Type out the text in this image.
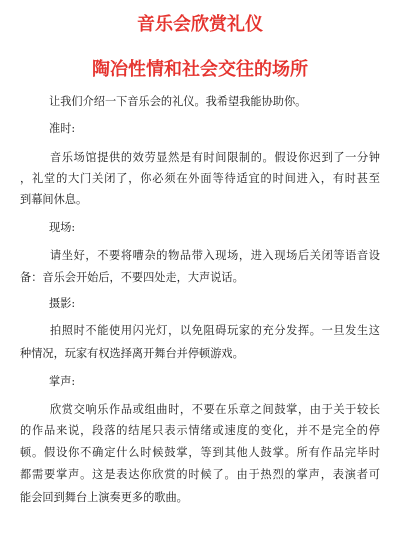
音乐会欣赏礼仪
陶冶性情和社会交往的场所
让我们介绍一下音乐会的礼仪。我希望我能协助你。
准时:
音乐场馆提供的效劳显然是有时间限制的。假设你迟到了一分钟
，礼堂的大门关闭了，你必须在外面等待适宜的时间进入，有时甚至
到幕间休息。
现场:
请坐好，不要将嘈杂的物品带入现场，进入现场后关闭等语音设
备：音乐会开始后，不要四处走，大声说话。
摄影:
拍照时不能使用闪光灯，以免阻碍玩家的充分发挥。一旦发生这
种情况，玩家有权选择离开舞台并停顿游戏。
掌声:
欣赏交响乐作品或组曲时，不要在乐章之间鼓掌，由于关于较长
的作品来说，段落的结尾只表示情绪或速度的变化，并不是完全的停
顿。假设你不确定什么时候鼓掌，等到其他人鼓掌。所有作品完毕时
都需要掌声。这是表达你欣赏的时候了。由于热烈的掌声，表演者可
能会回到舞台上演奏更多的歌曲。
